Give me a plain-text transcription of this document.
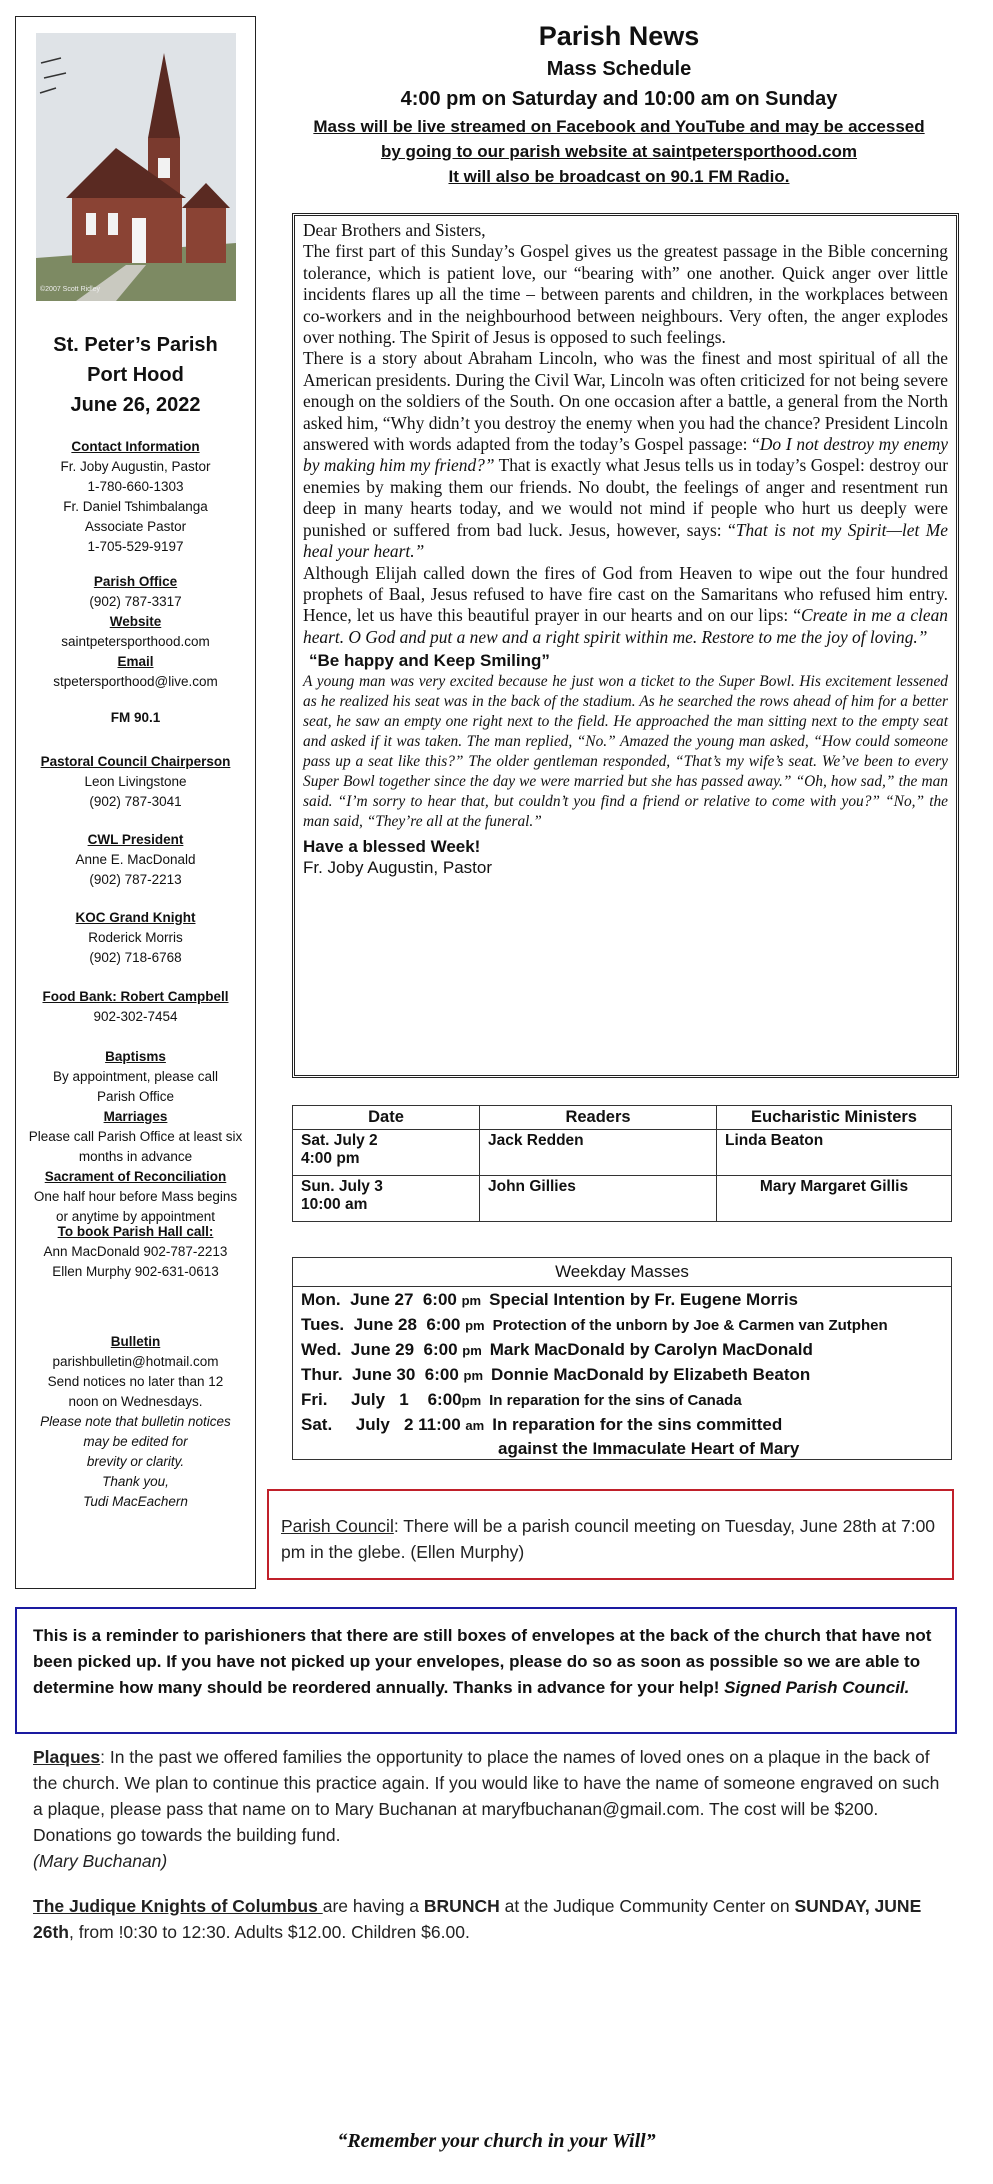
©2007 Scott Ridley
St. Peter’s Parish
Port Hood
June 26, 2022
Contact Information
Fr. Joby Augustin, Pastor
1-780-660-1303
Fr. Daniel Tshimbalanga
Associate Pastor
1-705-529-9197
Parish Office
(902) 787-3317
Website
saintpetersporthood.com
Email
stpetersporthood@live.com
FM 90.1
Pastoral Council Chairperson
Leon Livingstone
(902) 787-3041
CWL President
Anne E. MacDonald
(902) 787-2213
KOC Grand Knight
Roderick Morris
(902) 718-6768
Food Bank: Robert Campbell
902-302-7454
Baptisms
By appointment, please call
Parish Office
Marriages
Please call Parish Office at least six
months in advance
Sacrament of Reconciliation
One half hour before Mass begins
or anytime by appointment
To book Parish Hall call:
Ann MacDonald 902-787-2213
Ellen Murphy 902-631-0613
Bulletin
parishbulletin@hotmail.com
Send notices no later than 12
noon on Wednesdays.
Please note that bulletin notices
may be edited for
brevity or clarity.
Thank you,
Tudi MacEachern
Parish News
Mass Schedule
4:00 pm on Saturday and 10:00 am on Sunday
Mass will be live streamed on Facebook and YouTube and may be accessed
by going to our parish website at saintpetersporthood.com
It will also be broadcast on 90.1 FM Radio.

Dear Brothers and Sisters,

The first part of this Sunday’s Gospel gives us the greatest passage in the Bible concerning tolerance, which is patient love, our “bearing with” one another. Quick anger over little incidents flares up all the time – between parents and children, in the workplaces between co-workers and in the neighbourhood between neighbours. Very often, the anger explodes over nothing. The Spirit of Jesus is opposed to such feelings.

There is a story about Abraham Lincoln, who was the finest and most spiritual of all the American presidents. During the Civil War, Lincoln was often criticized for not being severe enough on the soldiers of the South. On one occasion after a battle, a general from the North asked him, “Why didn’t you destroy the enemy when you had the chance? President Lincoln answered with words adapted from the today’s Gospel passage: “Do I not destroy my enemy by making him my friend?” That is exactly what Jesus tells us in today’s Gospel: destroy our enemies by making them our friends. No doubt, the feelings of anger and resentment run deep in many hearts today, and we would not mind if people who hurt us deeply were punished or suffered from bad luck. Jesus, however, says: “That is not my Spirit—let Me heal your heart.”

Although Elijah called down the fires of God from Heaven to wipe out the four hundred prophets of Baal, Jesus refused to have fire cast on the Samaritans who refused him entry. Hence, let us have this beautiful prayer in our hearts and on our lips: “Create in me a clean heart. O God and put a new and a right spirit within me. Restore to me the joy of loving.”

“Be happy and Keep Smiling”

A young man was very excited because he just won a ticket to the Super Bowl. His excitement lessened as he realized his seat was in the back of the stadium. As he searched the rows ahead of him for a better seat, he saw an empty one right next to the field. He approached the man sitting next to the empty seat and asked if it was taken. The man replied, “No.” Amazed the young man asked, “How could someone pass up a seat like this?” The older gentleman responded, “That’s my wife’s seat. We’ve been to every Super Bowl together since the day we were married but she has passed away.” “Oh, how sad,” the man said. “I’m sorry to hear that, but couldn’t you find a friend or relative to come with you?” “No,” the man said, “They’re all at the funeral.”

Have a blessed Week!

Fr. Joby Augustin, Pastor

Date	Readers	Eucharistic Ministers

Sat. July 2
4:00 pm	Jack Redden	Linda Beaton

Sun. July 3
10:00 am	John Gillies	Mary Margaret Gillis
Weekday Masses
Mon.  June 27  6:00 pm Special Intention by Fr. Eugene Morris
Tues.  June 28  6:00 pm Protection of the unborn by Joe & Carmen van Zutphen
Wed.  June 29  6:00 pm Mark MacDonald by Carolyn MacDonald
Thur.  June 30  6:00 pm Donnie MacDonald by Elizabeth Beaton
Fri.     July   1    6:00pm In reparation for the sins of Canada
Sat.     July   2 11:00 am In reparation for the sins committed
against the Immaculate Heart of Mary
Parish Council: There will be a parish council meeting on Tuesday, June 28th at 7:00 pm in the glebe. (Ellen Murphy)
This is a reminder to parishioners that there are still boxes of envelopes at the back of the church that have not been picked up. If you have not picked up your envelopes, please do so as soon as possible so we are able to determine how many should be reordered annually. Thanks in advance for your help! Signed Parish Council.
Plaques: In the past we offered families the opportunity to place the names of loved ones on a plaque in the back of the church. We plan to continue this practice again. If you would like to have the name of someone engraved on such a plaque, please pass that name on to Mary Buchanan at maryfbuchanan@gmail.com. The cost will be $200. Donations go towards the building fund.
(Mary Buchanan)
The Judique Knights of Columbus are having a BRUNCH at the Judique Community Center on SUNDAY, JUNE 26th, from !0:30 to 12:30. Adults $12.00. Children $6.00.
“Remember your church in your Will”
